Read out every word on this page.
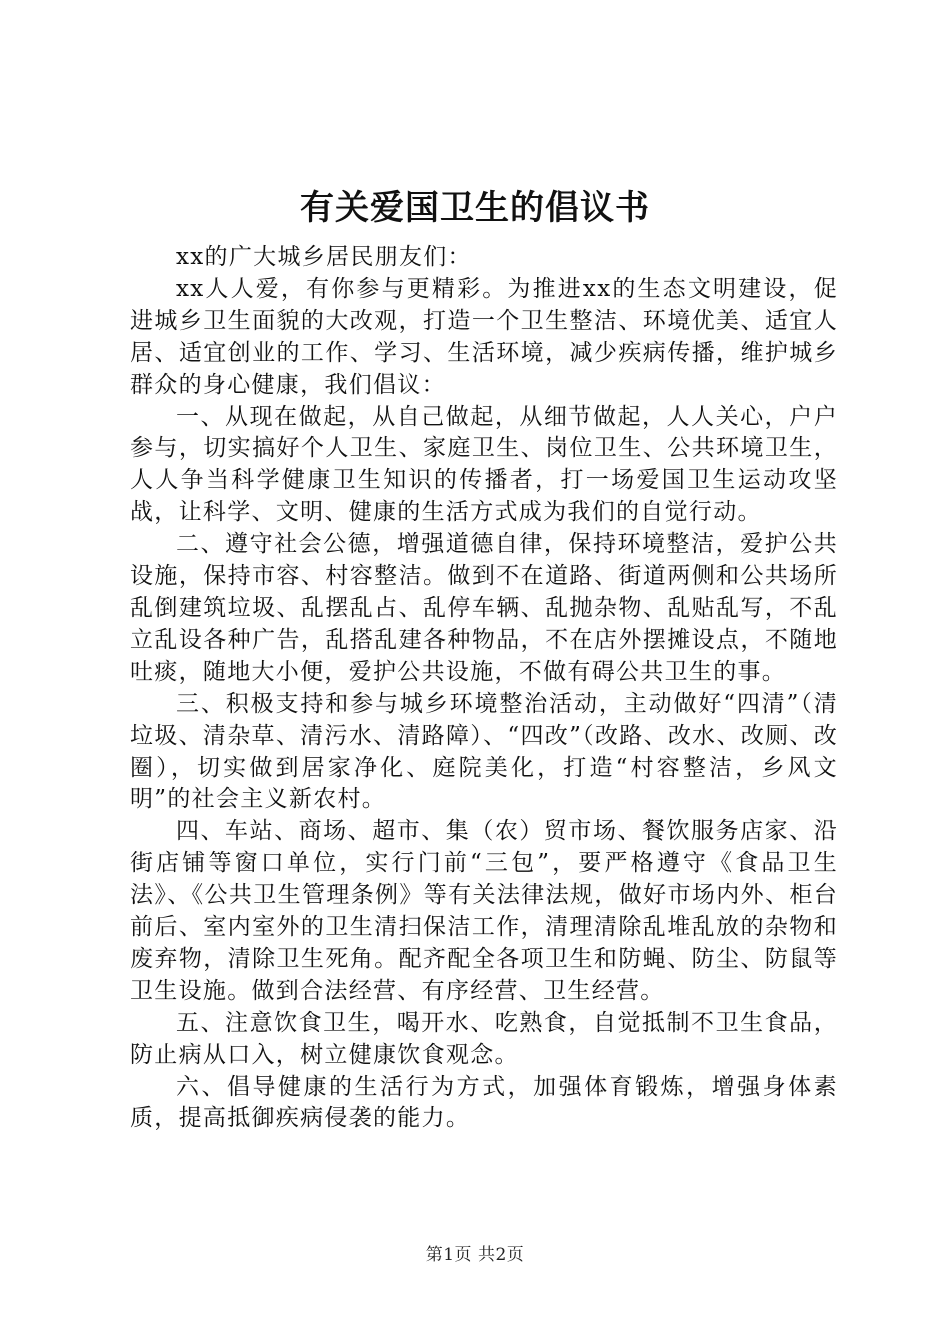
有关爱国卫生的倡议书

xx的广大城乡居民朋友们：

xx人人爱，有你参与更精彩。为推进xx的生态文明建设，促进城乡卫生面貌的大改观，打造一个卫生整洁、环境优美、适宜人居、适宜创业的工作、学习、生活环境，减少疾病传播，维护城乡群众的身心健康，我们倡议：

一、从现在做起，从自己做起，从细节做起，人人关心，户户参与，切实搞好个人卫生、家庭卫生、岗位卫生、公共环境卫生，人人争当科学健康卫生知识的传播者，打一场爱国卫生运动攻坚战，让科学、文明、健康的生活方式成为我们的自觉行动。

二、遵守社会公德，增强道德自律，保持环境整洁，爱护公共设施，保持市容、村容整洁。做到不在道路、街道两侧和公共场所乱倒建筑垃圾、乱摆乱占、乱停车辆、乱抛杂物、乱贴乱写，不乱立乱设各种广告，乱搭乱建各种物品，不在店外摆摊设点，不随地吐痰，随地大小便，爱护公共设施，不做有碍公共卫生的事。

三、积极支持和参与城乡环境整治活动，主动做好“四清”（清垃圾、清杂草、清污水、清路障）、“四改”（改路、改水、改厕、改圈），切实做到居家净化、庭院美化，打造“村容整洁，乡风文明”的社会主义新农村。

四、车站、商场、超市、集（农）贸市场、餐饮服务店家、沿街店铺等窗口单位，实行门前“三包”，要严格遵守《食品卫生法》、《公共卫生管理条例》等有关法律法规，做好市场内外、柜台前后、室内室外的卫生清扫保洁工作，清理清除乱堆乱放的杂物和废弃物，清除卫生死角。配齐配全各项卫生和防蝇、防尘、防鼠等卫生设施。做到合法经营、有序经营、卫生经营。

五、注意饮食卫生，喝开水、吃熟食，自觉抵制不卫生食品，防止病从口入，树立健康饮食观念。

六、倡导健康的生活行为方式，加强体育锻炼，增强身体素质，提高抵御疾病侵袭的能力。

第1页 共2页
